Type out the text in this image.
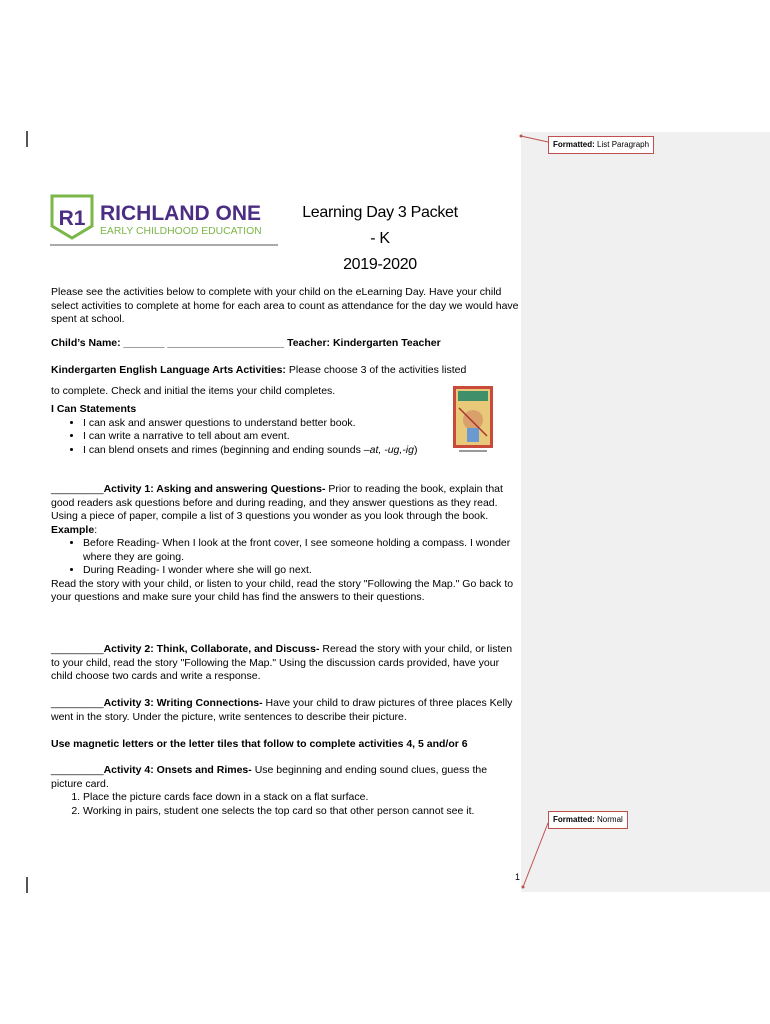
Formatted: List Paragraph
Formatted: Normal
R1 RICHLAND ONE
EARLY CHILDHOOD EDUCATION
Learning Day 3 Packet - K
2019-2020

Please see the activities below to complete with your child on the eLearning Day. Have your child select activities to complete at home for each area to count as attendance for the day we would have spent at school.

Child’s Name: _______ ____________________ Teacher: Kindergarten Teacher

Kindergarten English Language Arts Activities: Please choose 3 of the activities listed

to complete. Check and initial the items your child completes.

I Can Statements

• I can ask and answer questions to understand better book.
• I can write a narrative to tell about am event.
• I can blend onsets and rimes (beginning and ending sounds –at, -ug,-ig)

_________Activity 1: Asking and answering Questions- Prior to reading the book, explain that good readers ask questions before and during reading, and they answer questions as they read. Using a piece of paper, compile a list of 3 questions you wonder as you look through the book.

Example:

• Before Reading- When I look at the front cover, I see someone holding a compass. I wonder where they are going.
• During Reading- I wonder where she will go next.

Read the story with your child, or listen to your child, read the story "Following the Map." Go back to your questions and make sure your child has find the answers to their questions.

_________Activity 2: Think, Collaborate, and Discuss- Reread the story with your child, or listen to your child, read the story "Following the Map." Using the discussion cards provided, have your child choose two cards and write a response.

_________Activity 3: Writing Connections- Have your child to draw pictures of three places Kelly went in the story. Under the picture, write sentences to describe their picture.

Use magnetic letters or the letter tiles that follow to complete activities 4, 5 and/or 6

_________Activity 4: Onsets and Rimes- Use beginning and ending sound clues, guess the picture card.

1. Place the picture cards face down in a stack on a flat surface.
2. Working in pairs, student one selects the top card so that other person cannot see it.
1
